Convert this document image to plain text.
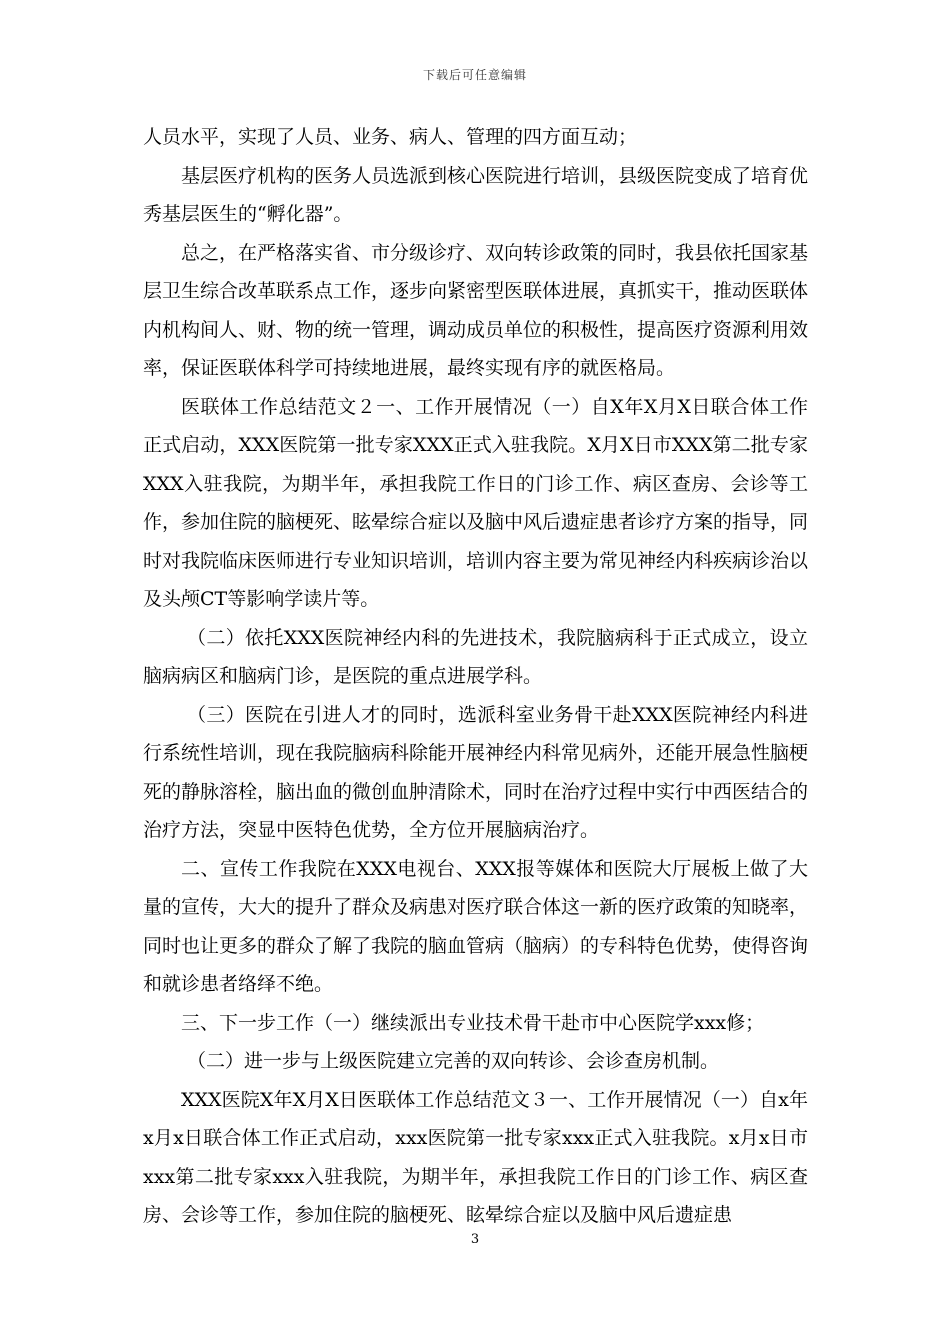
下载后可任意编辑

人员水平，实现了人员、业务、病人、管理的四方面互动；

基层医疗机构的医务人员选派到核心医院进行培训，县级医院变成了培育优秀基层医生的“孵化器”。

总之，在严格落实省、市分级诊疗、双向转诊政策的同时，我县依托国家基层卫生综合改革联系点工作，逐步向紧密型医联体进展，真抓实干，推动医联体内机构间人、财、物的统一管理，调动成员单位的积极性，提高医疗资源利用效率，保证医联体科学可持续地进展，最终实现有序的就医格局。

医联体工作总结范文２一、工作开展情况（一）自X年X月X日联合体工作正式启动，XXX医院第一批专家XXX正式入驻我院。X月X日市XXX第二批专家XXX入驻我院，为期半年，承担我院工作日的门诊工作、病区查房、会诊等工作，参加住院的脑梗死、眩晕综合症以及脑中风后遗症患者诊疗方案的指导，同时对我院临床医师进行专业知识培训，培训内容主要为常见神经内科疾病诊治以及头颅CT等影响学读片等。

（二）依托XXX医院神经内科的先进技术，我院脑病科于正式成立，设立脑病病区和脑病门诊，是医院的重点进展学科。

（三）医院在引进人才的同时，选派科室业务骨干赴XXX医院神经内科进行系统性培训，现在我院脑病科除能开展神经内科常见病外，还能开展急性脑梗死的静脉溶栓，脑出血的微创血肿清除术，同时在治疗过程中实行中西医结合的治疗方法，突显中医特色优势，全方位开展脑病治疗。

二、宣传工作我院在XXX电视台、XXX报等媒体和医院大厅展板上做了大量的宣传，大大的提升了群众及病患对医疗联合体这一新的医疗政策的知晓率，同时也让更多的群众了解了我院的脑血管病（脑病）的专科特色优势，使得咨询和就诊患者络绎不绝。

三、下一步工作（一）继续派出专业技术骨干赴市中心医院学xxx修；

（二）进一步与上级医院建立完善的双向转诊、会诊查房机制。

XXX医院X年X月X日医联体工作总结范文３一、工作开展情况（一）自x年x月x日联合体工作正式启动，xxx医院第一批专家xxx正式入驻我院。x月x日市xxx第二批专家xxx入驻我院，为期半年，承担我院工作日的门诊工作、病区查房、会诊等工作，参加住院的脑梗死、眩晕综合症以及脑中风后遗症患

3
